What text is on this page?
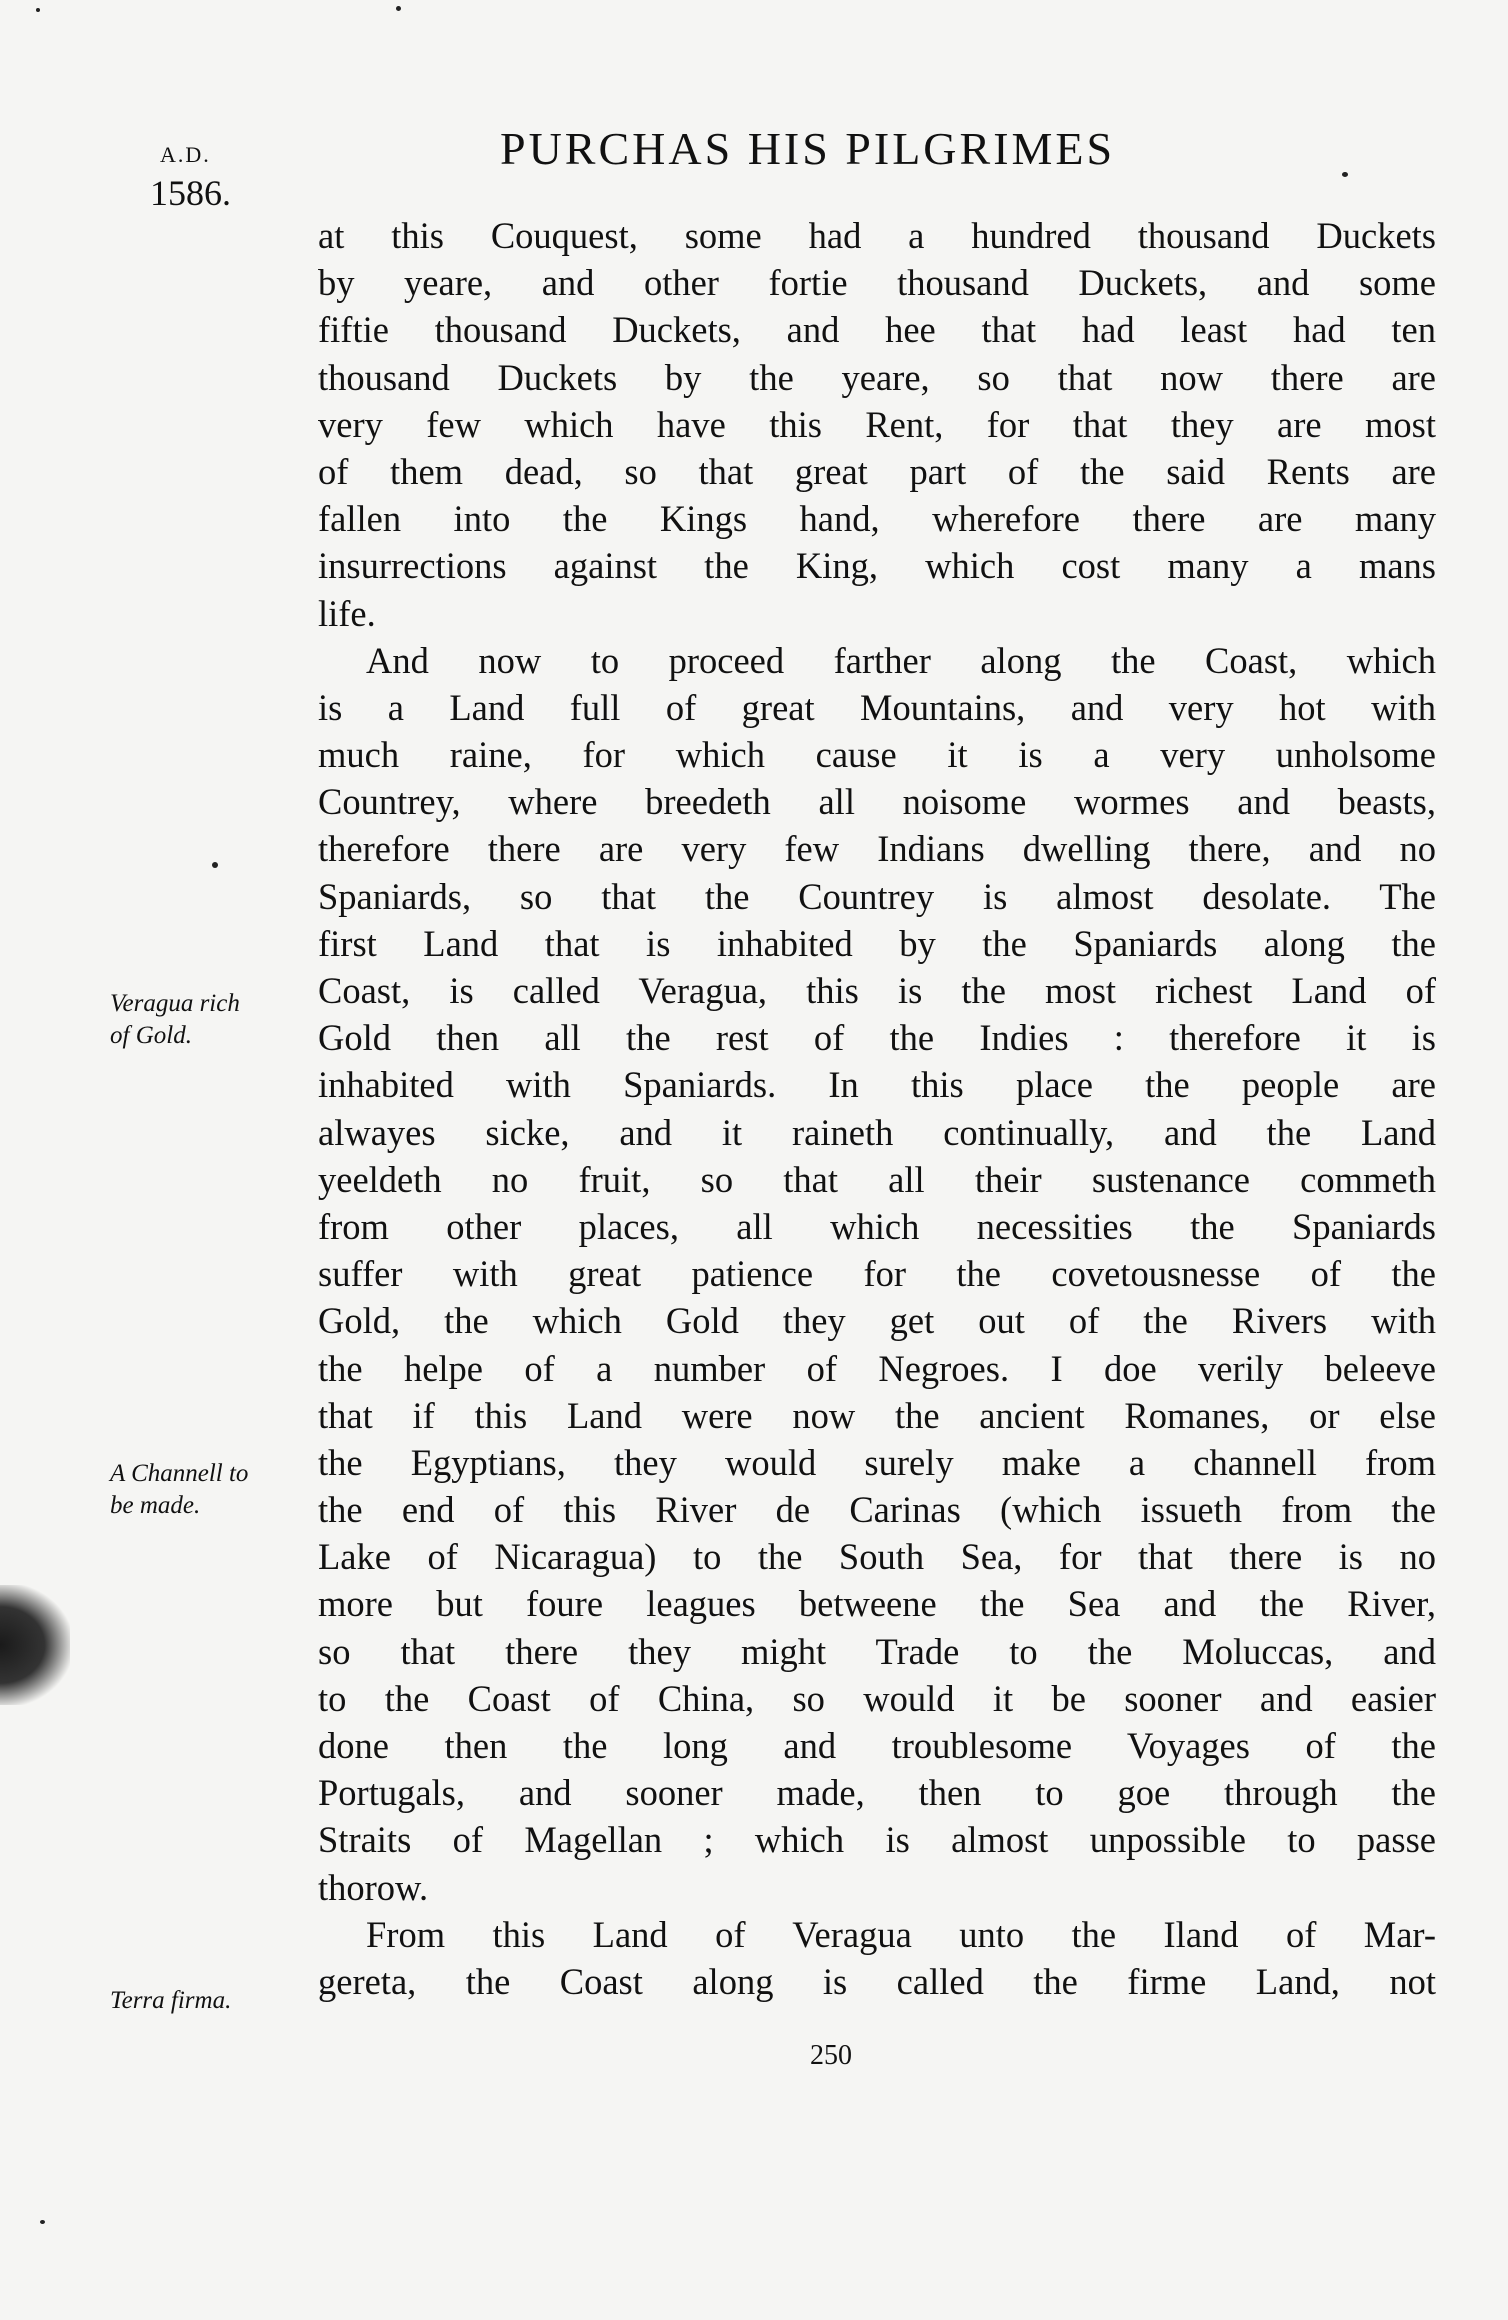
A.D.
1586.
PURCHAS HIS PILGRIMES
at this Couquest, some had a hundred thousand Duckets
by yeare, and other fortie thousand Duckets, and some
fiftie thousand Duckets, and hee that had least had ten
thousand Duckets by the yeare, so that now there are
very few which have this Rent, for that they are most
of them dead, so that great part of the said Rents are
fallen into the Kings hand, wherefore there are many
insurrections against the King, which cost many a mans
life.
And now to proceed farther along the Coast, which
is a Land full of great Mountains, and very hot with
much raine, for which cause it is a very unholsome
Countrey, where breedeth all noisome wormes and beasts,
therefore there are very few Indians dwelling there, and no
Spaniards, so that the Countrey is almost desolate. The
first Land that is inhabited by the Spaniards along the
Coast, is called Veragua, this is the most richest Land of
Gold then all the rest of the Indies : therefore it is
inhabited with Spaniards. In this place the people are
alwayes sicke, and it raineth continually, and the Land
yeeldeth no fruit, so that all their sustenance commeth
from other places, all which necessities the Spaniards
suffer with great patience for the covetousnesse of the
Gold, the which Gold they get out of the Rivers with
the helpe of a number of Negroes. I doe verily beleeve
that if this Land were now the ancient Romanes, or else
the Egyptians, they would surely make a channell from
the end of this River de Carinas (which issueth from the
Lake of Nicaragua) to the South Sea, for that there is no
more but foure leagues betweene the Sea and the River,
so that there they might Trade to the Moluccas, and
to the Coast of China, so would it be sooner and easier
done then the long and troublesome Voyages of the
Portugals, and sooner made, then to goe through the
Straits of Magellan ; which is almost unpossible to passe
thorow.
From this Land of Veragua unto the Iland of Mar-
gereta, the Coast along is called the firme Land, not
Veragua rich
of Gold.
A Channell to
be made.
Terra firma.
250
